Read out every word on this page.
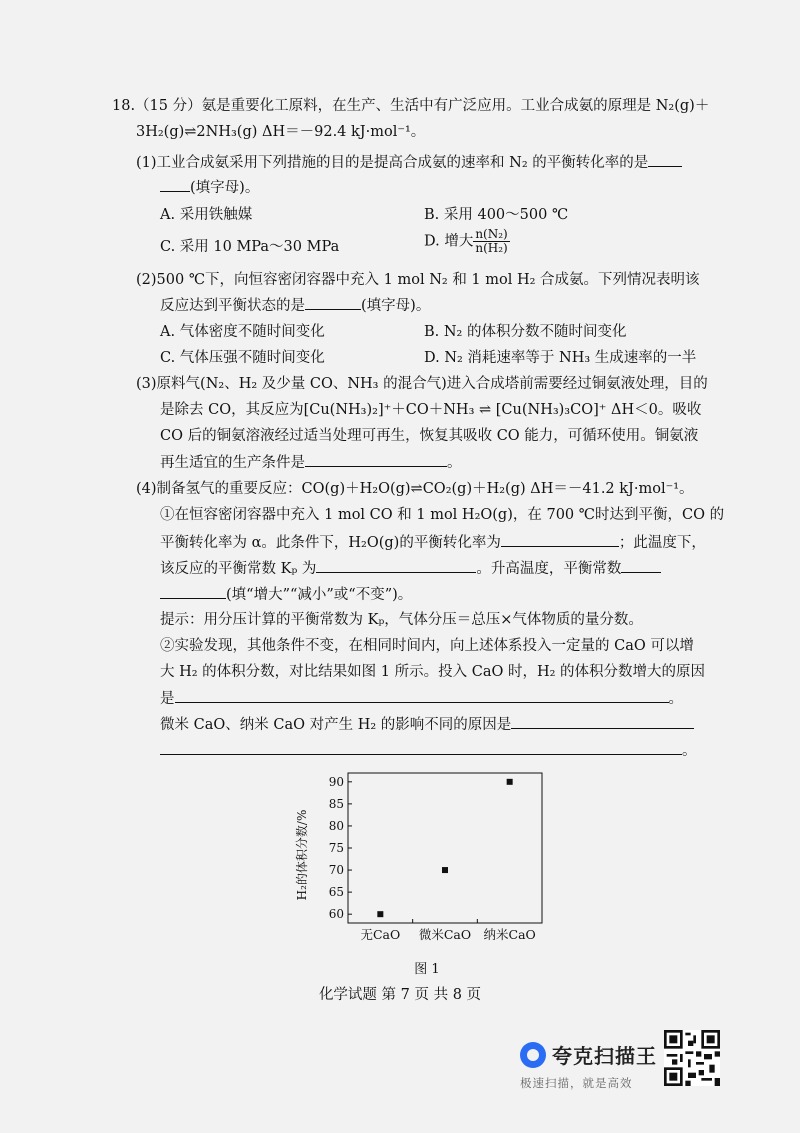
18.（15 分）氨是重要化工原料，在生产、生活中有广泛应用。工业合成氨的原理是 N₂(g)＋
3H₂(g)⇌2NH₃(g) ΔH＝－92.4 kJ·mol⁻¹。
(1)工业合成氨采用下列措施的目的是提高合成氨的速率和 N₂ 的平衡转化率的是
(填字母)。
A. 采用铁触媒	B. 采用 400～500 ℃
C. 采用 10 MPa～30 MPa	D. 增大 $\frac{\text{n(N₂)}}{\text{n(H₂)}}$
(2)500 ℃下，向恒容密闭容器中充入 1 mol N₂ 和 1 mol H₂ 合成氨。下列情况表明该
反应达到平衡状态的是	(填字母)。
A. 气体密度不随时间变化	B. N₂ 的体积分数不随时间变化
C. 气体压强不随时间变化	D. N₂ 消耗速率等于 NH₃ 生成速率的一半
(3)原料气(N₂、H₂ 及少量 CO、NH₃ 的混合气)进入合成塔前需要经过铜氨液处理，目的
是除去 CO，其反应为[Cu(NH₃)₂]⁺＋CO＋NH₃ ⇌ [Cu(NH₃)₃CO]⁺ ΔH＜0。吸收
CO 后的铜氨溶液经过适当处理可再生，恢复其吸收 CO 能力，可循环使用。铜氨液
再生适宜的生产条件是	。
(4)制备氢气的重要反应：CO(g)＋H₂O(g)⇌CO₂(g)＋H₂(g) ΔH＝－41.2 kJ·mol⁻¹。
①在恒容密闭容器中充入 1 mol CO 和 1 mol H₂O(g)，在 700 ℃时达到平衡，CO 的
平衡转化率为 α。此条件下，H₂O(g)的平衡转化率为	；此温度下，
该反应的平衡常数 Kₚ 为	。升高温度，平衡常数
(填“增大”“减小”或“不变”)。
提示：用分压计算的平衡常数为 Kₚ，气体分压＝总压×气体物质的量分数。
②实验发现，其他条件不变，在相同时间内，向上述体系投入一定量的 CaO 可以增
大 H₂ 的体积分数，对比结果如图 1 所示。投入 CaO 时，H₂ 的体积分数增大的原因
是	。
微米 CaO、纳米 CaO 对产生 H₂ 的影响不同的原因是
。
H₂的体积分数/%
60
65
70
75
80
85
90
无CaO 微米CaO 纳米CaO
图 1
化学试题 第 7 页 共 8 页
夸克扫描王
极速扫描，就是高效
